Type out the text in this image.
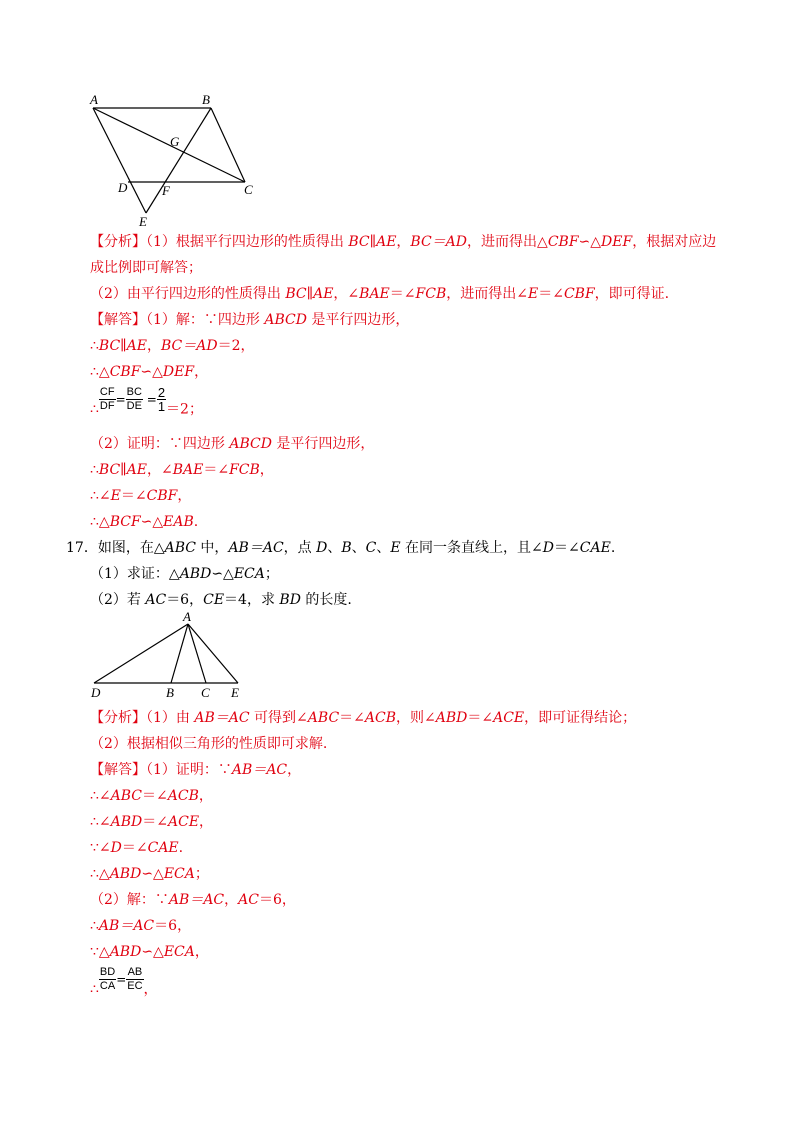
A	B
G
D	F	C
E
【分析】（1）根据平行四边形的性质得出 BC∥AE，BC＝AD，进而得出△CBF∽△DEF，根据对应边
成比例即可解答；
（2）由平行四边形的性质得出 BC∥AE，∠BAE＝∠FCB，进而得出∠E＝∠CBF，即可得证.
【解答】（1）解：∵四边形 ABCD 是平行四边形，
∴BC∥AE，BC＝AD＝2，
∴△CBF∽△DEF，
∴ $\frac{CF}{DF} = \frac{BC}{DE} = \frac{2}{1} =2$；
（2）证明：∵四边形 ABCD 是平行四边形，
∴BC∥AE，∠BAE＝∠FCB，
∴∠E＝∠CBF，
∴△BCF∽△EAB.
17．如图，在△ABC 中，AB＝AC，点 D、B、C、E 在同一条直线上，且∠D＝∠CAE.
（1）求证：△ABD∽△ECA；
（2）若 AC＝6，CE＝4，求 BD 的长度.
A
D	B C E
【分析】（1）由 AB＝AC 可得到∠ABC＝∠ACB，则∠ABD＝∠ACE，即可证得结论；
（2）根据相似三角形的性质即可求解.
【解答】（1）证明：∵AB＝AC，
∴∠ABC＝∠ACB，
∴∠ABD＝∠ACE，
∵∠D＝∠CAE.
∴△ABD∽△ECA；
（2）解：∵AB＝AC，AC＝6，
∴AB＝AC＝6，
∵△ABD∽△ECA，
∴ $\frac{BD}{CA} = \frac{AB}{EC}$ ，
